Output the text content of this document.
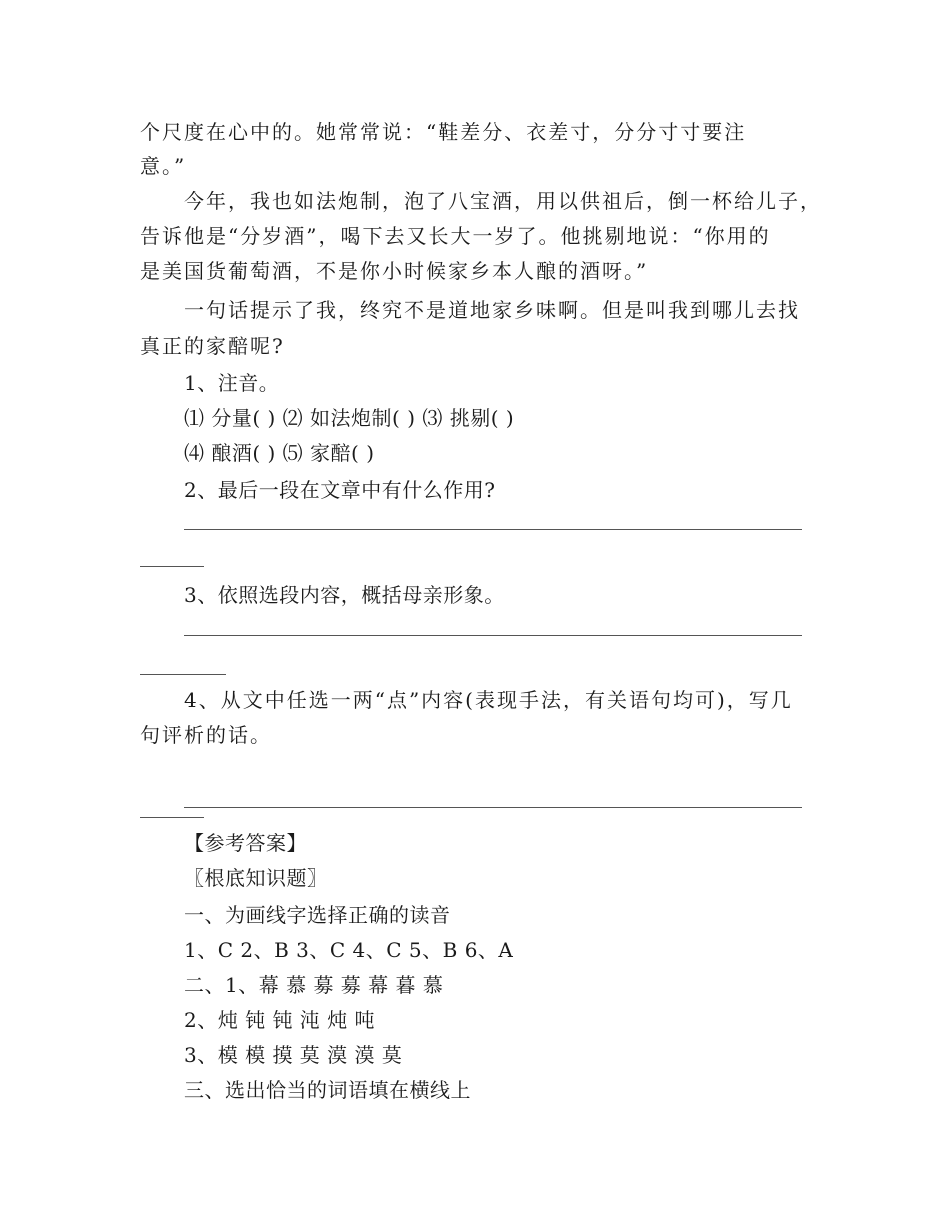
个尺度在心中的。她常常说：“鞋差分、衣差寸，分分寸寸要注
意。”
今年，我也如法炮制，泡了八宝酒，用以供祖后，倒一杯给儿子，
告诉他是“分岁酒”，喝下去又长大一岁了。他挑剔地说：“你用的
是美国货葡萄酒，不是你小时候家乡本人酿的酒呀。”
一句话提示了我，终究不是道地家乡味啊。但是叫我到哪儿去找
真正的家醅呢?
1、注音。
⑴ 分量( ) ⑵ 如法炮制( ) ⑶ 挑剔( )
⑷ 酿酒( ) ⑸ 家醅( )
2、最后一段在文章中有什么作用?
3、依照选段内容，概括母亲形象。
4、从文中任选一两“点”内容(表现手法，有关语句均可)，写几
句评析的话。
【参考答案】
〖根底知识题〗
一、为画线字选择正确的读音
1、C 2、B 3、C 4、C 5、B 6、A
二、1、幕 慕 募 募 幕 暮 慕
2、炖 钝 钝 沌 炖 吨
3、模 模 摸 莫 漠 漠 莫
三、选出恰当的词语填在横线上
